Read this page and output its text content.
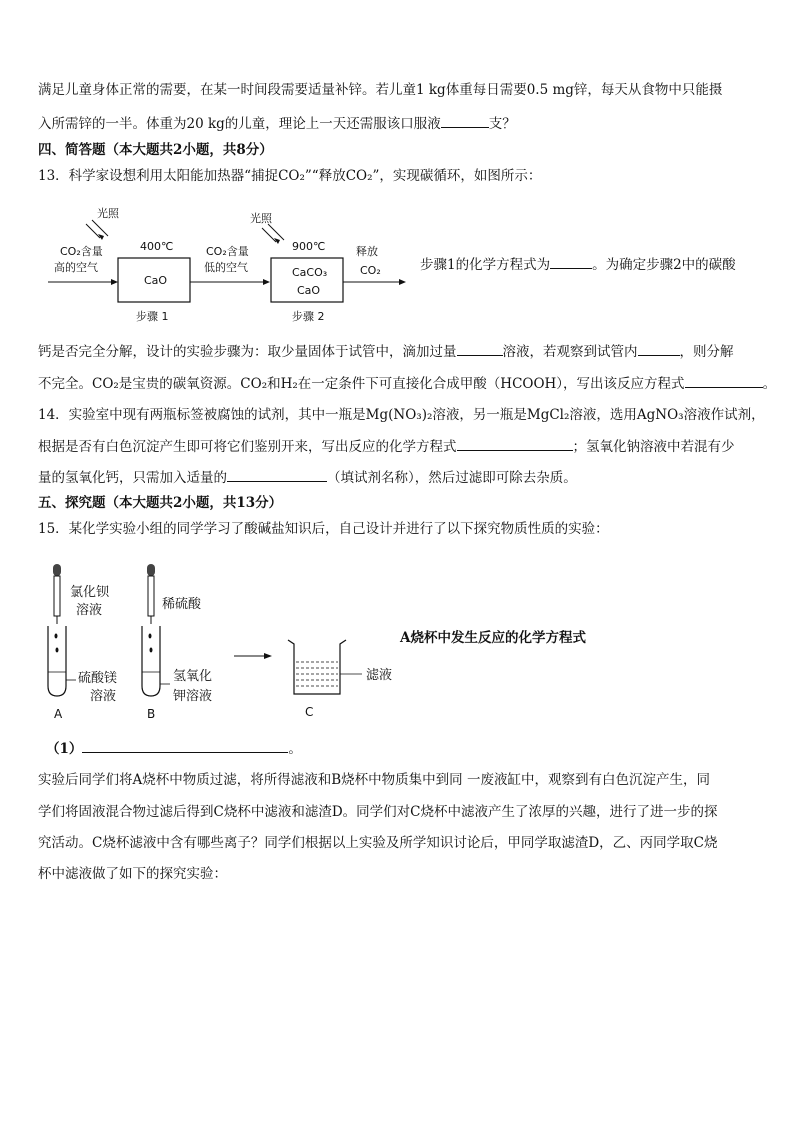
满足儿童身体正常的需要，在某一时间段需要适量补锌。若儿童1 kg体重每日需要0.5 mg锌，每天从食物中只能摄
入所需锌的一半。体重为20 kg的儿童，理论上一天还需服该口服液	支？
四、简答题（本大题共2小题，共8分）
13．科学家设想利用太阳能加热器“捕捉CO₂”“释放CO₂”，实现碳循环，如图所示：
光照
400℃
CO₂含量
高的空气
CaO
CO₂含量
低的空气
光照
900℃
CaCO₃
CaO
释放
CO₂
步骤 1	步骤 2
步骤1的化学方程式为	。为确定步骤2中的碳酸
钙是否完全分解，设计的实验步骤为：取少量固体于试管中，滴加过量	溶液，若观察到试管内	，则分解
不完全。CO₂是宝贵的碳氧资源。CO₂和H₂在一定条件下可直接化合成甲酸（HCOOH），写出该反应方程式	。
14．实验室中现有两瓶标签被腐蚀的试剂，其中一瓶是Mg(NO₃)₂溶液，另一瓶是MgCl₂溶液，选用AgNO₃溶液作试剂，
根据是否有白色沉淀产生即可将它们鉴别开来，写出反应的化学方程式	；氢氧化钠溶液中若混有少
量的氢氧化钙，只需加入适量的	（填试剂名称），然后过滤即可除去杂质。
五、探究题（本大题共2小题，共13分）
15．某化学实验小组的同学学习了酸碱盐知识后，自己设计并进行了以下探究物质性质的实验：
氯化钡
溶液
硫酸镁
溶液
A
稀硫酸
氢氧化
钾溶液
B
滤液
C
A烧杯中发生反应的化学方程式
（1）	。
实验后同学们将A烧杯中物质过滤，将所得滤液和B烧杯中物质集中到同 一废液缸中，观察到有白色沉淀产生，同
学们将固液混合物过滤后得到C烧杯中滤液和滤渣D。同学们对C烧杯中滤液产生了浓厚的兴趣，进行了进一步的探
究活动。C烧杯滤液中含有哪些离子？同学们根据以上实验及所学知识讨论后，甲同学取滤渣D，乙、丙同学取C烧
杯中滤液做了如下的探究实验：
